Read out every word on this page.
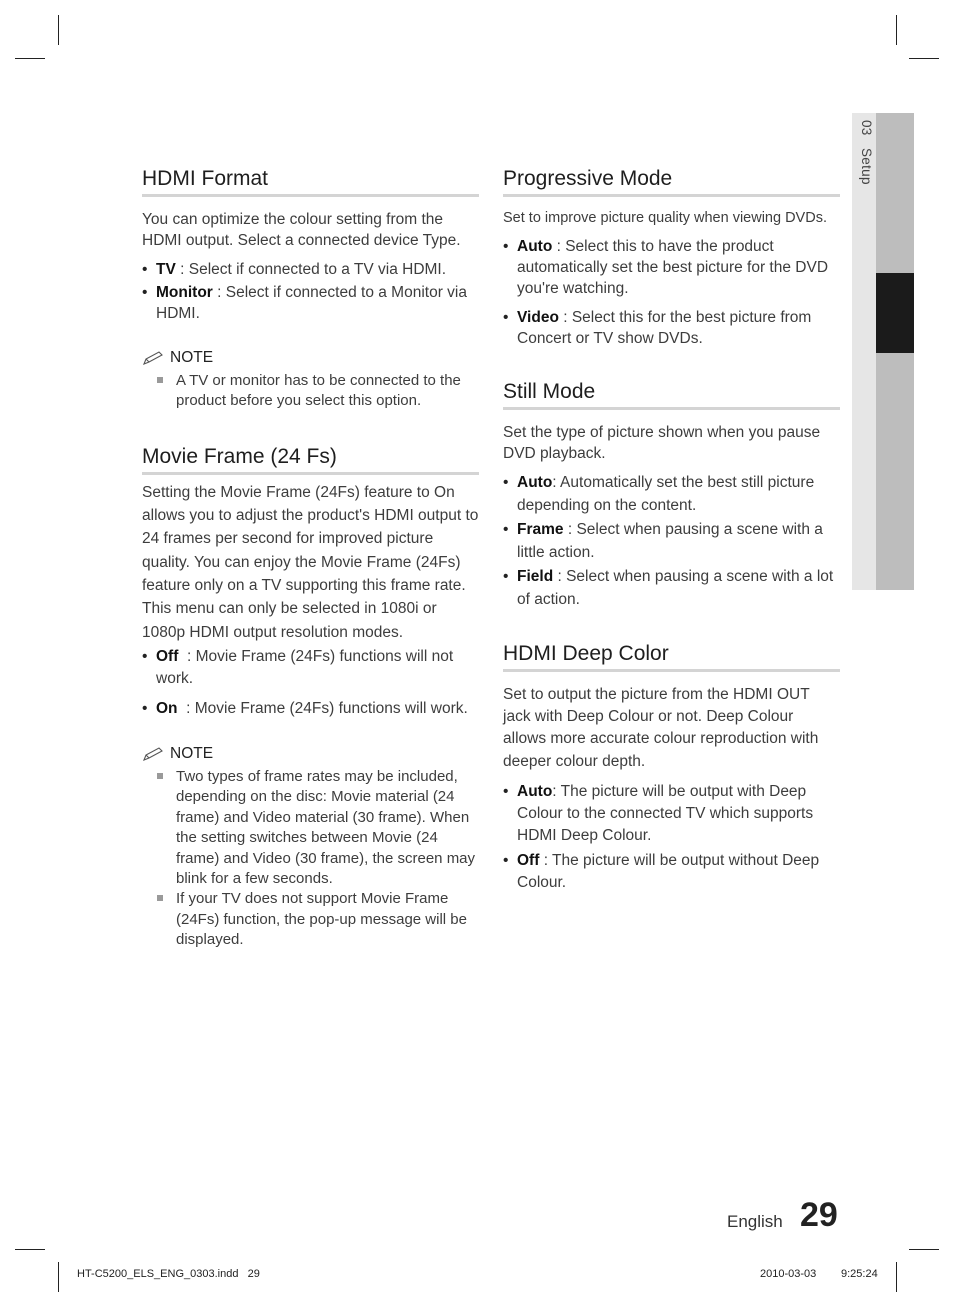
03   Setup
HDMI Format

You can optimize the colour setting from the HDMI output. Select a connected device Type.

• TV : Select if connected to a TV via HDMI.
• Monitor : Select if connected to a Monitor via HDMI.
NOTE
A TV or monitor has to be connected to the product before you select this option.
Movie Frame (24 Fs)

Setting the Movie Frame (24Fs) feature to On allows you to adjust the product's HDMI output to 24 frames per second for improved picture quality. You can enjoy the Movie Frame (24Fs) feature only on a TV supporting this frame rate. This menu can only be selected in 1080i or 1080p HDMI output resolution modes.

• Off  : Movie Frame (24Fs) functions will not work.
• On  : Movie Frame (24Fs) functions will work.
NOTE
Two types of frame rates may be included, depending on the disc: Movie material (24 frame) and Video material (30 frame). When the setting switches between Movie (24 frame) and Video (30 frame), the screen may blink for a few seconds.
If your TV does not support Movie Frame (24Fs) function, the pop-up message will be displayed.
Progressive Mode

Set to improve picture quality when viewing DVDs.

• Auto : Select this to have the product automatically set the best picture for the DVD you're watching.
• Video : Select this for the best picture from Concert or TV show DVDs.
Still Mode

Set the type of picture shown when you pause DVD playback.

• Auto: Automatically set the best still picture depending on the content.
• Frame : Select when pausing a scene with a little action.
• Field : Select when pausing a scene with a lot of action.
HDMI Deep Color

Set to output the picture from the HDMI OUT jack with Deep Colour or not. Deep Colour allows more accurate colour reproduction with deeper colour depth.

• Auto: The picture will be output with Deep Colour to the connected TV which supports HDMI Deep Colour.
• Off : The picture will be output without Deep Colour.
English 29
HT-C5200_ELS_ENG_0303.indd   29	2010-03-03 9:25:24
